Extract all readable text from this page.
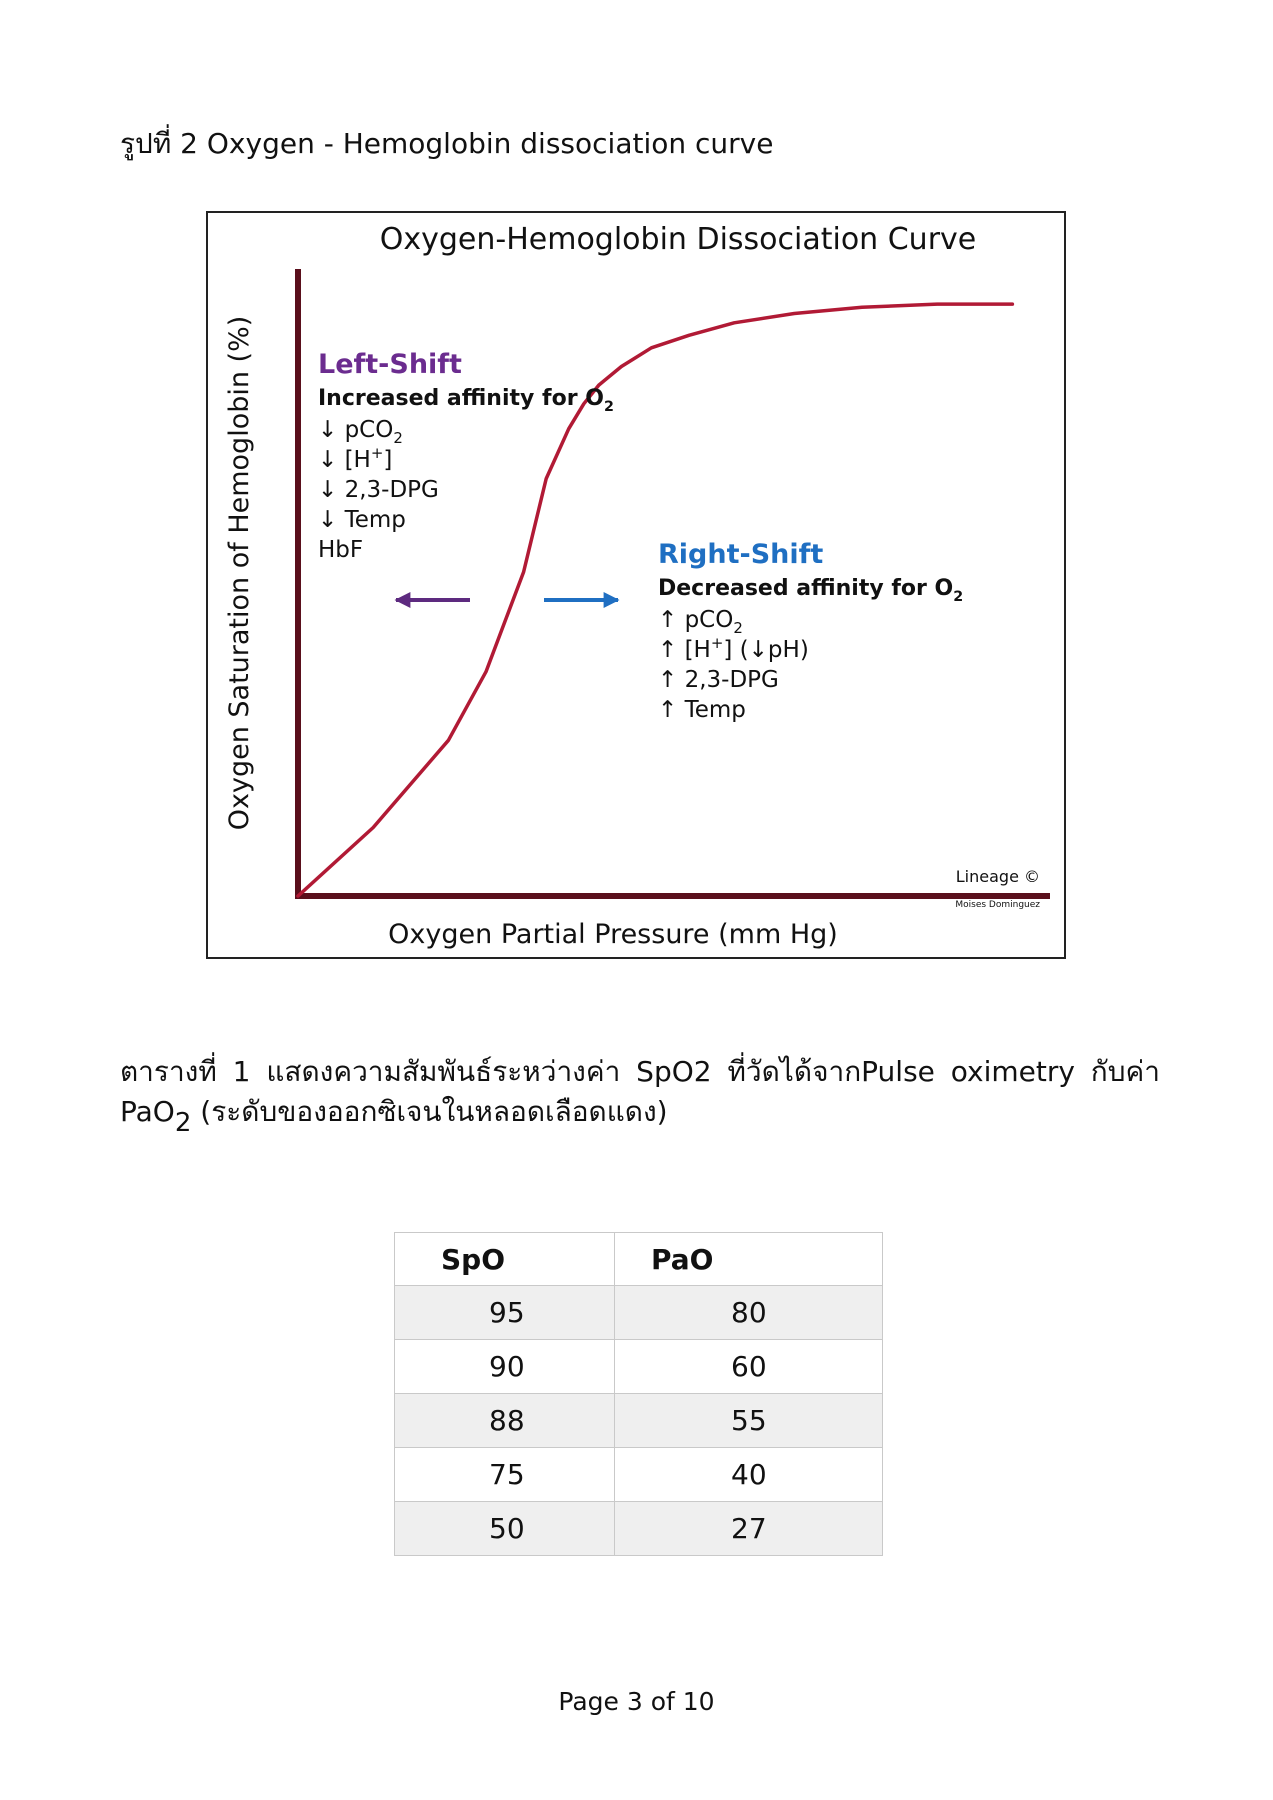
รูปที่ 2 Oxygen - Hemoglobin dissociation curve
Oxygen-Hemoglobin Dissociation Curve
Oxygen Partial Pressure (mm Hg)
Oxygen Saturation of Hemoglobin (%) Left-Shift
Increased affinity for $O_2$
↓ pCO$_2$
↓ [H+]
↓ 2,3-DPG
↓ Temp
HbF	Right-Shift
Decreased affinity for $O_2$
↑ pCO$_2$
↑ [H+] (↓pH)
↑ 2,3-DPG
↑ Temp
Lineage ©
Moises Dominguez
ตารางที่ 1 แสดงความสัมพันธ์ระหว่างค่า SpO2 ที่วัดได้จากPulse oximetry กับค่า
PaO$_2$ (ระดับของออกซิเจนในหลอดเลือดแดง)
SpO	PaO
95	80
90	60
88	55
75	40
50	27
Page 3 of 10
